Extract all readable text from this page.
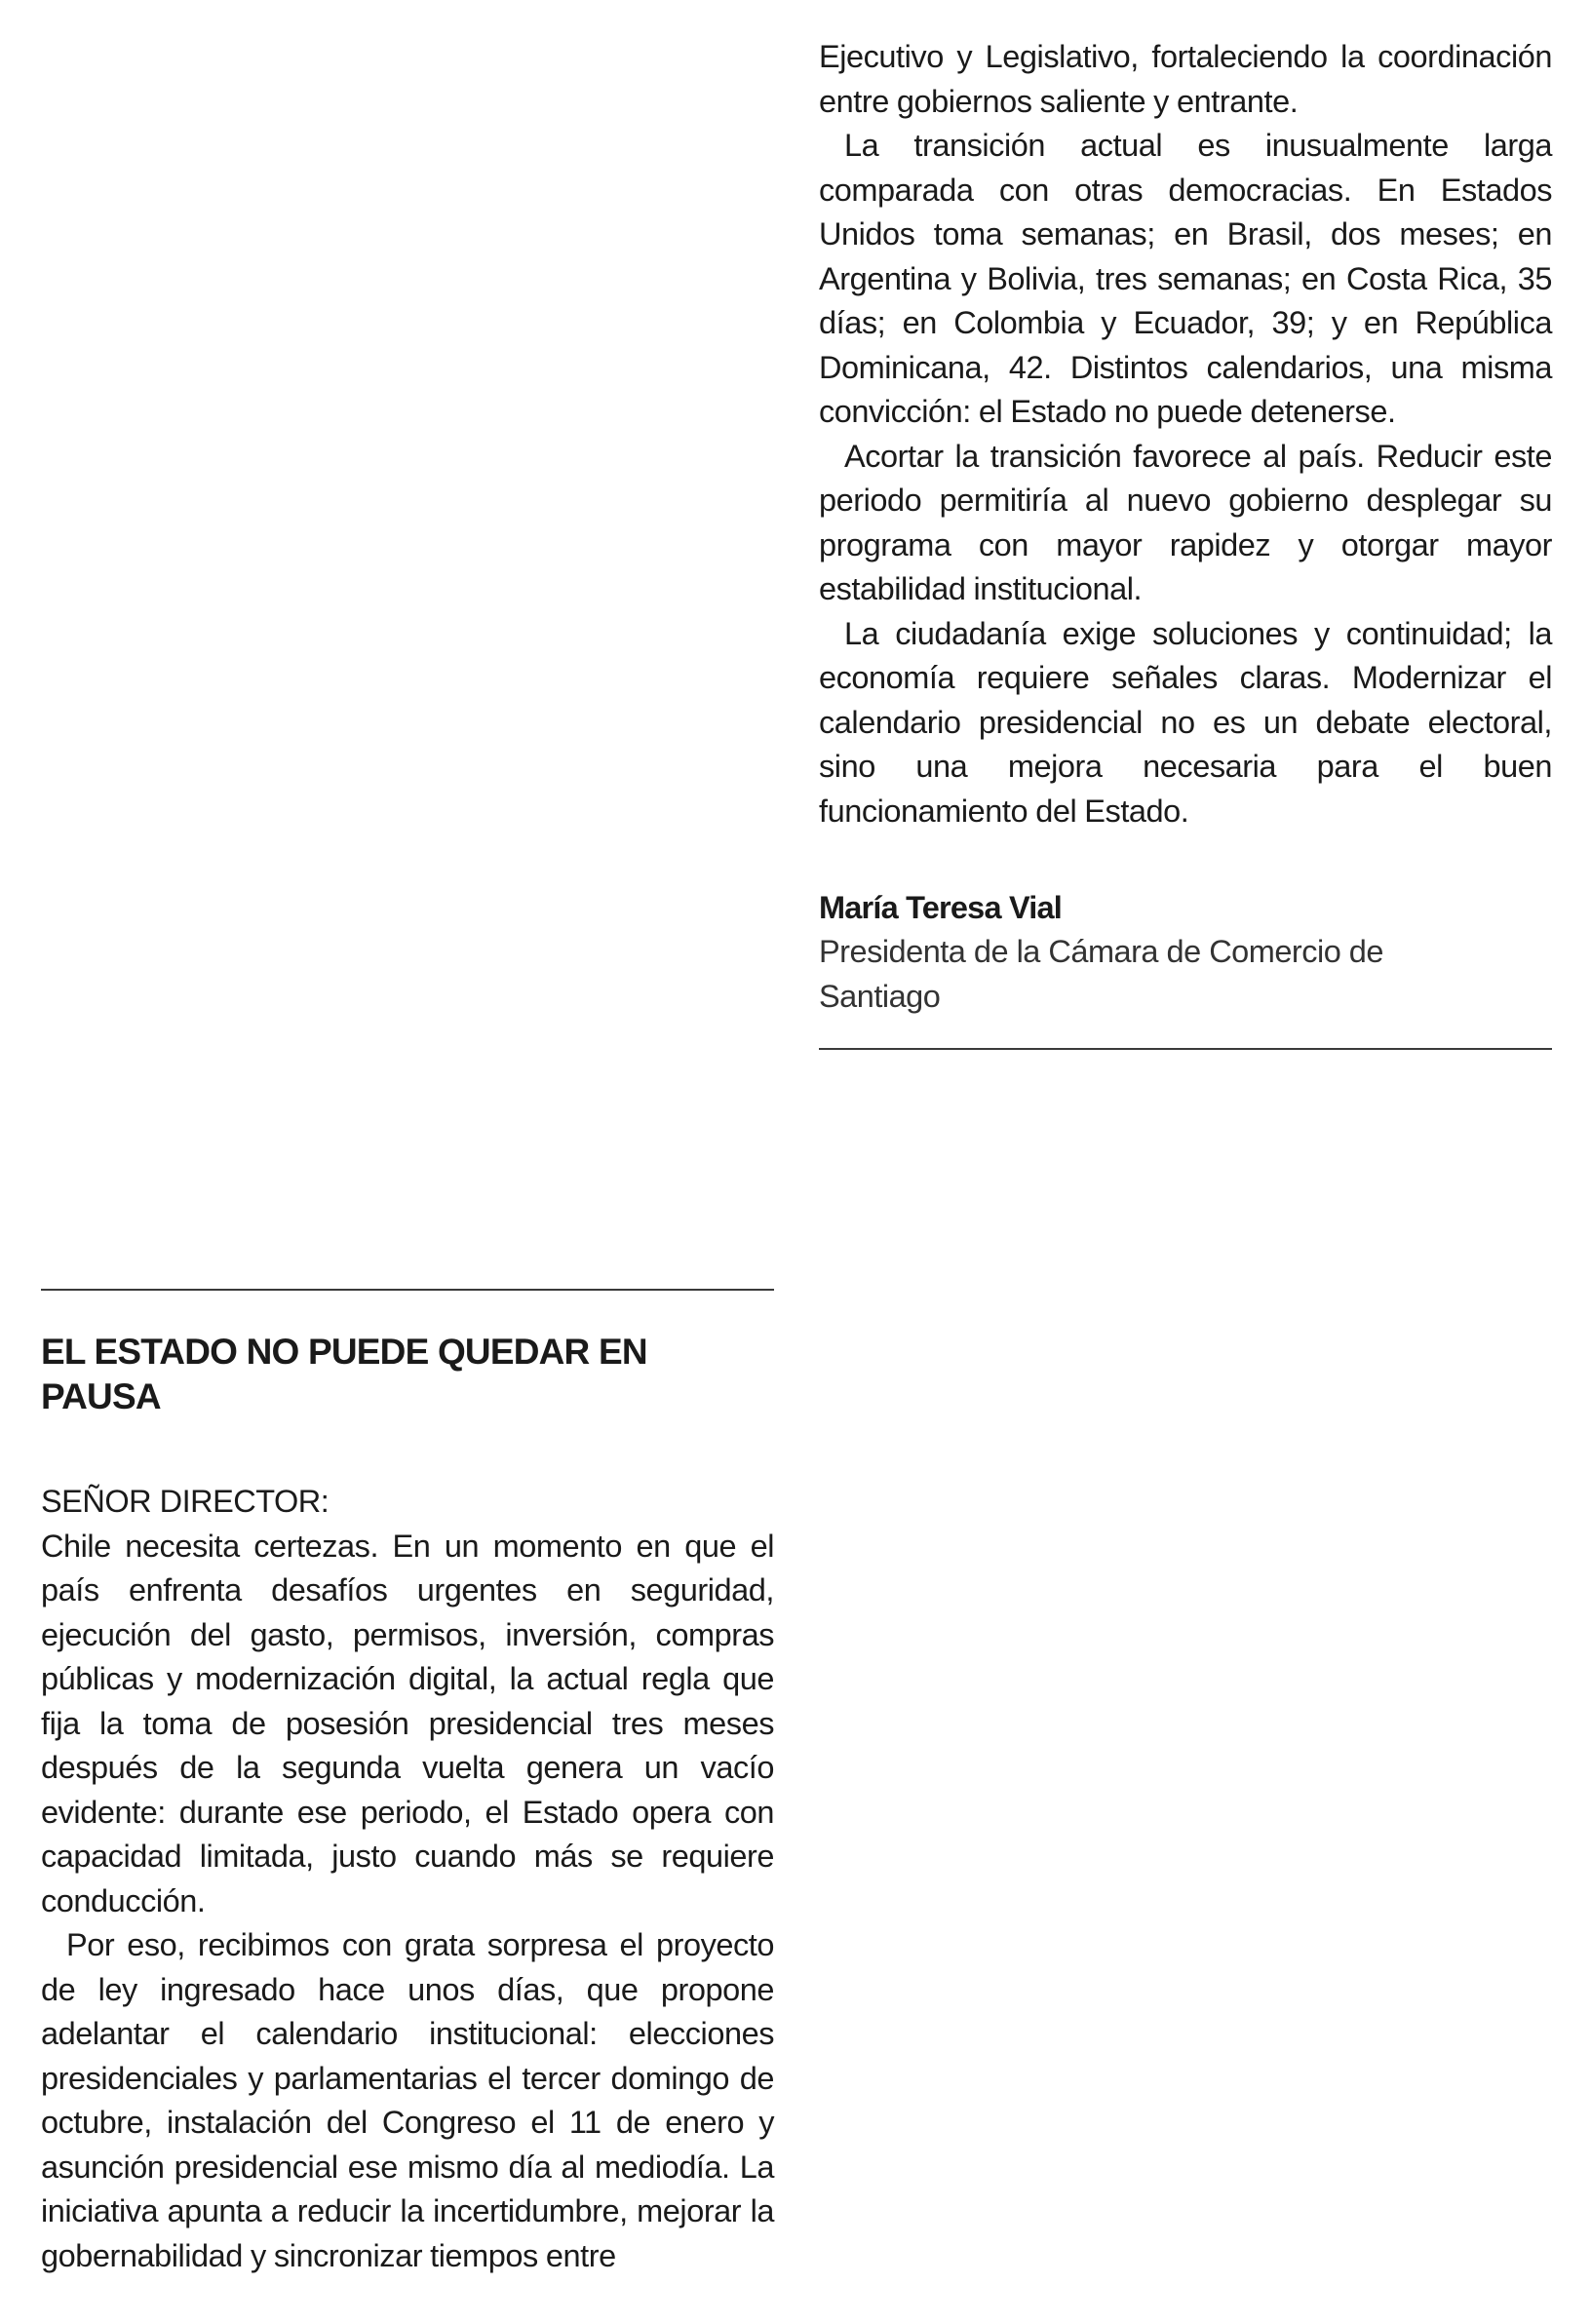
Ejecutivo y Legislativo, fortaleciendo la coordinación entre gobiernos saliente y entrante.

La transición actual es inusualmente larga comparada con otras democracias. En Estados Unidos toma semanas; en Brasil, dos meses; en Argentina y Bolivia, tres semanas; en Costa Rica, 35 días; en Colombia y Ecuador, 39; y en República Dominicana, 42. Distintos calendarios, una misma convicción: el Estado no puede detenerse.

Acortar la transición favorece al país. Reducir este periodo permitiría al nuevo gobierno desplegar su programa con mayor rapidez y otorgar mayor estabilidad institucional.

La ciudadanía exige soluciones y continuidad; la economía requiere señales claras. Modernizar el calendario presidencial no es un debate electoral, sino una mejora necesaria para el buen funcionamiento del Estado.

María Teresa Vial

Presidenta de la Cámara de Comercio de Santiago

EL ESTADO NO PUEDE QUEDAR EN PAUSA

SEÑOR DIRECTOR:

Chile necesita certezas. En un momento en que el país enfrenta desafíos urgentes en seguridad, ejecución del gasto, permisos, inversión, compras públicas y modernización digital, la actual regla que fija la toma de posesión presidencial tres meses después de la segunda vuelta genera un vacío evidente: durante ese periodo, el Estado opera con capacidad limitada, justo cuando más se requiere conducción.

Por eso, recibimos con grata sorpresa el proyecto de ley ingresado hace unos días, que propone adelantar el calendario institucional: elecciones presidenciales y parlamentarias el tercer domingo de octubre, instalación del Congreso el 11 de enero y asunción presidencial ese mismo día al mediodía. La iniciativa apunta a reducir la incertidumbre, mejorar la gobernabilidad y sincronizar tiempos entre
